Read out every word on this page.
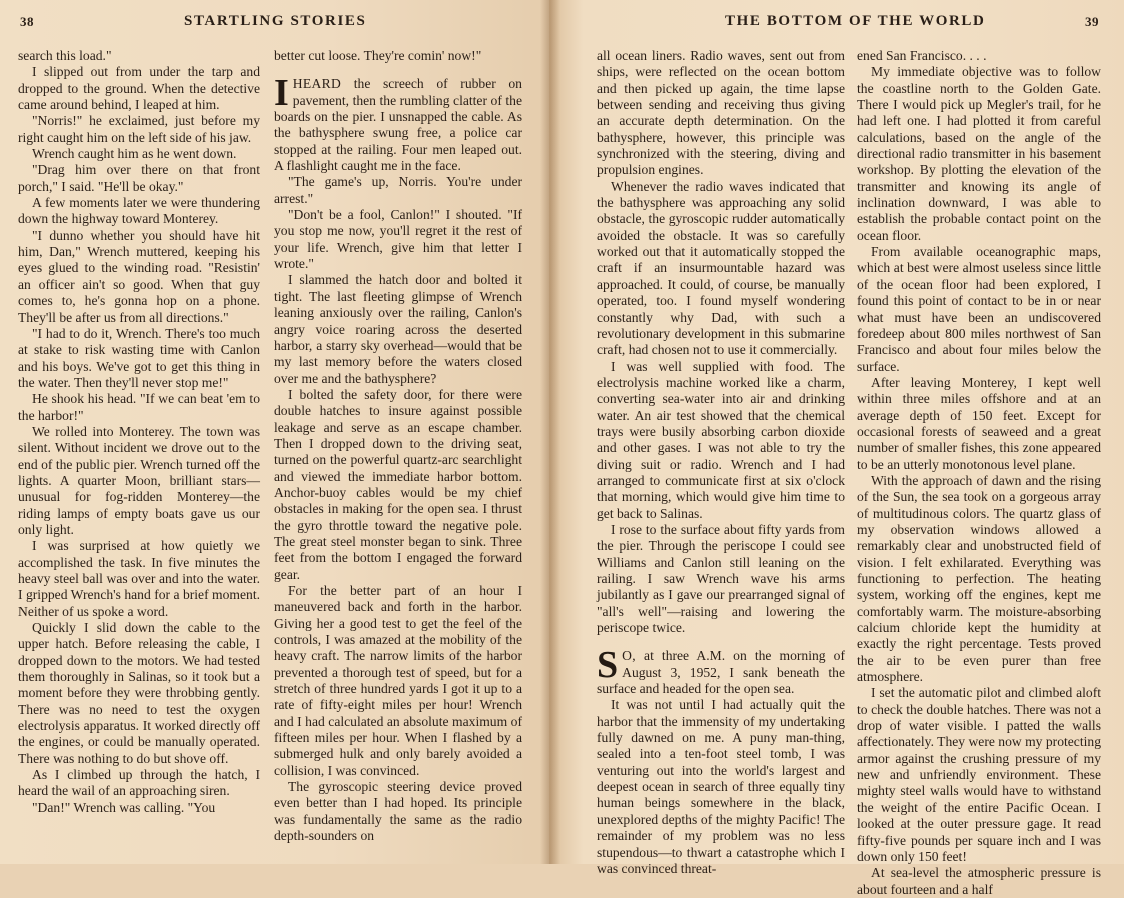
38	STARTLING STORIES

search this load."

I slipped out from under the tarp and dropped to the ground. When the detective came around behind, I leaped at him.

"Norris!" he exclaimed, just before my right caught him on the left side of his jaw.

Wrench caught him as he went down.

"Drag him over there on that front porch," I said. "He'll be okay."

A few moments later we were thundering down the highway toward Monterey.

"I dunno whether you should have hit him, Dan," Wrench muttered, keeping his eyes glued to the winding road. "Resistin' an officer ain't so good. When that guy comes to, he's gonna hop on a phone. They'll be after us from all directions."

"I had to do it, Wrench. There's too much at stake to risk wasting time with Canlon and his boys. We've got to get this thing in the water. Then they'll never stop me!"

He shook his head. "If we can beat 'em to the harbor!"

We rolled into Monterey. The town was silent. Without incident we drove out to the end of the public pier. Wrench turned off the lights. A quarter Moon, brilliant stars—unusual for fog-ridden Monterey—the riding lamps of empty boats gave us our only light.

I was surprised at how quietly we accomplished the task. In five minutes the heavy steel ball was over and into the water. I gripped Wrench's hand for a brief moment. Neither of us spoke a word.

Quickly I slid down the cable to the upper hatch. Before releasing the cable, I dropped down to the motors. We had tested them thoroughly in Salinas, so it took but a moment before they were throbbing gently. There was no need to test the oxygen electrolysis apparatus. It worked directly off the engines, or could be manually operated. There was nothing to do but shove off.

As I climbed up through the hatch, I heard the wail of an approaching siren.

"Dan!" Wrench was calling. "You

better cut loose. They're comin' now!"

IHEARD the screech of rubber on pavement, then the rumbling clatter of the boards on the pier. I unsnapped the cable. As the bathysphere swung free, a police car stopped at the railing. Four men leaped out. A flashlight caught me in the face.

"The game's up, Norris. You're under arrest."

"Don't be a fool, Canlon!" I shouted. "If you stop me now, you'll regret it the rest of your life. Wrench, give him that letter I wrote."

I slammed the hatch door and bolted it tight. The last fleeting glimpse of Wrench leaning anxiously over the railing, Canlon's angry voice roaring across the deserted harbor, a starry sky overhead—would that be my last memory before the waters closed over me and the bathysphere?

I bolted the safety door, for there were double hatches to insure against possible leakage and serve as an escape chamber. Then I dropped down to the driving seat, turned on the powerful quartz-arc searchlight and viewed the immediate harbor bottom. Anchor-buoy cables would be my chief obstacles in making for the open sea. I thrust the gyro throttle toward the negative pole. The great steel monster began to sink. Three feet from the bottom I engaged the forward gear.

For the better part of an hour I maneuvered back and forth in the harbor. Giving her a good test to get the feel of the controls, I was amazed at the mobility of the heavy craft. The narrow limits of the harbor prevented a thorough test of speed, but for a stretch of three hundred yards I got it up to a rate of fifty-eight miles per hour! Wrench and I had calculated an absolute maximum of fifteen miles per hour. When I flashed by a submerged hulk and only barely avoided a collision, I was convinced.

The gyroscopic steering device proved even better than I had hoped. Its principle was fundamentally the same as the radio depth-sounders on

THE BOTTOM OF THE WORLD	39

all ocean liners. Radio waves, sent out from ships, were reflected on the ocean bottom and then picked up again, the time lapse between sending and receiving thus giving an accurate depth determination. On the bathysphere, however, this principle was synchronized with the steering, diving and propulsion engines.

Whenever the radio waves indicated that the bathysphere was approaching any solid obstacle, the gyroscopic rudder automatically avoided the obstacle. It was so carefully worked out that it automatically stopped the craft if an insurmountable hazard was approached. It could, of course, be manually operated, too. I found myself wondering constantly why Dad, with such a revolutionary development in this submarine craft, had chosen not to use it commercially.

I was well supplied with food. The electrolysis machine worked like a charm, converting sea-water into air and drinking water. An air test showed that the chemical trays were busily absorbing carbon dioxide and other gases. I was not able to try the diving suit or radio. Wrench and I had arranged to communicate first at six o'clock that morning, which would give him time to get back to Salinas.

I rose to the surface about fifty yards from the pier. Through the periscope I could see Williams and Canlon still leaning on the railing. I saw Wrench wave his arms jubilantly as I gave our prearranged signal of "all's well"—raising and lowering the periscope twice.

S O, at three A.M. on the morning of August 3, 1952, I sank beneath the surface and headed for the open sea.

It was not until I had actually quit the harbor that the immensity of my undertaking fully dawned on me. A puny man-thing, sealed into a ten-foot steel tomb, I was venturing out into the world's largest and deepest ocean in search of three equally tiny human beings somewhere in the black, unexplored depths of the mighty Pacific! The remainder of my problem was no less stupendous—to thwart a catastrophe which I was convinced threat-

ened San Francisco. . . .

My immediate objective was to follow the coastline north to the Golden Gate. There I would pick up Megler's trail, for he had left one. I had plotted it from careful calculations, based on the angle of the directional radio transmitter in his basement workshop. By plotting the elevation of the transmitter and knowing its angle of inclination downward, I was able to establish the probable contact point on the ocean floor.

From available oceanographic maps, which at best were almost useless since little of the ocean floor had been explored, I found this point of contact to be in or near what must have been an undiscovered foredeep about 800 miles northwest of San Francisco and about four miles below the surface.

After leaving Monterey, I kept well within three miles offshore and at an average depth of 150 feet. Except for occasional forests of seaweed and a great number of smaller fishes, this zone appeared to be an utterly monotonous level plane.

With the approach of dawn and the rising of the Sun, the sea took on a gorgeous array of multitudinous colors. The quartz glass of my observation windows allowed a remarkably clear and unobstructed field of vision. I felt exhilarated. Everything was functioning to perfection. The heating system, working off the engines, kept me comfortably warm. The moisture-absorbing calcium chloride kept the humidity at exactly the right percentage. Tests proved the air to be even purer than free atmosphere.

I set the automatic pilot and climbed aloft to check the double hatches. There was not a drop of water visible. I patted the walls affectionately. They were now my protecting armor against the crushing pressure of my new and unfriendly environment. These mighty steel walls would have to withstand the weight of the entire Pacific Ocean. I looked at the outer pressure gage. It read fifty-five pounds per square inch and I was down only 150 feet!

At sea-level the atmospheric pressure is about fourteen and a half
